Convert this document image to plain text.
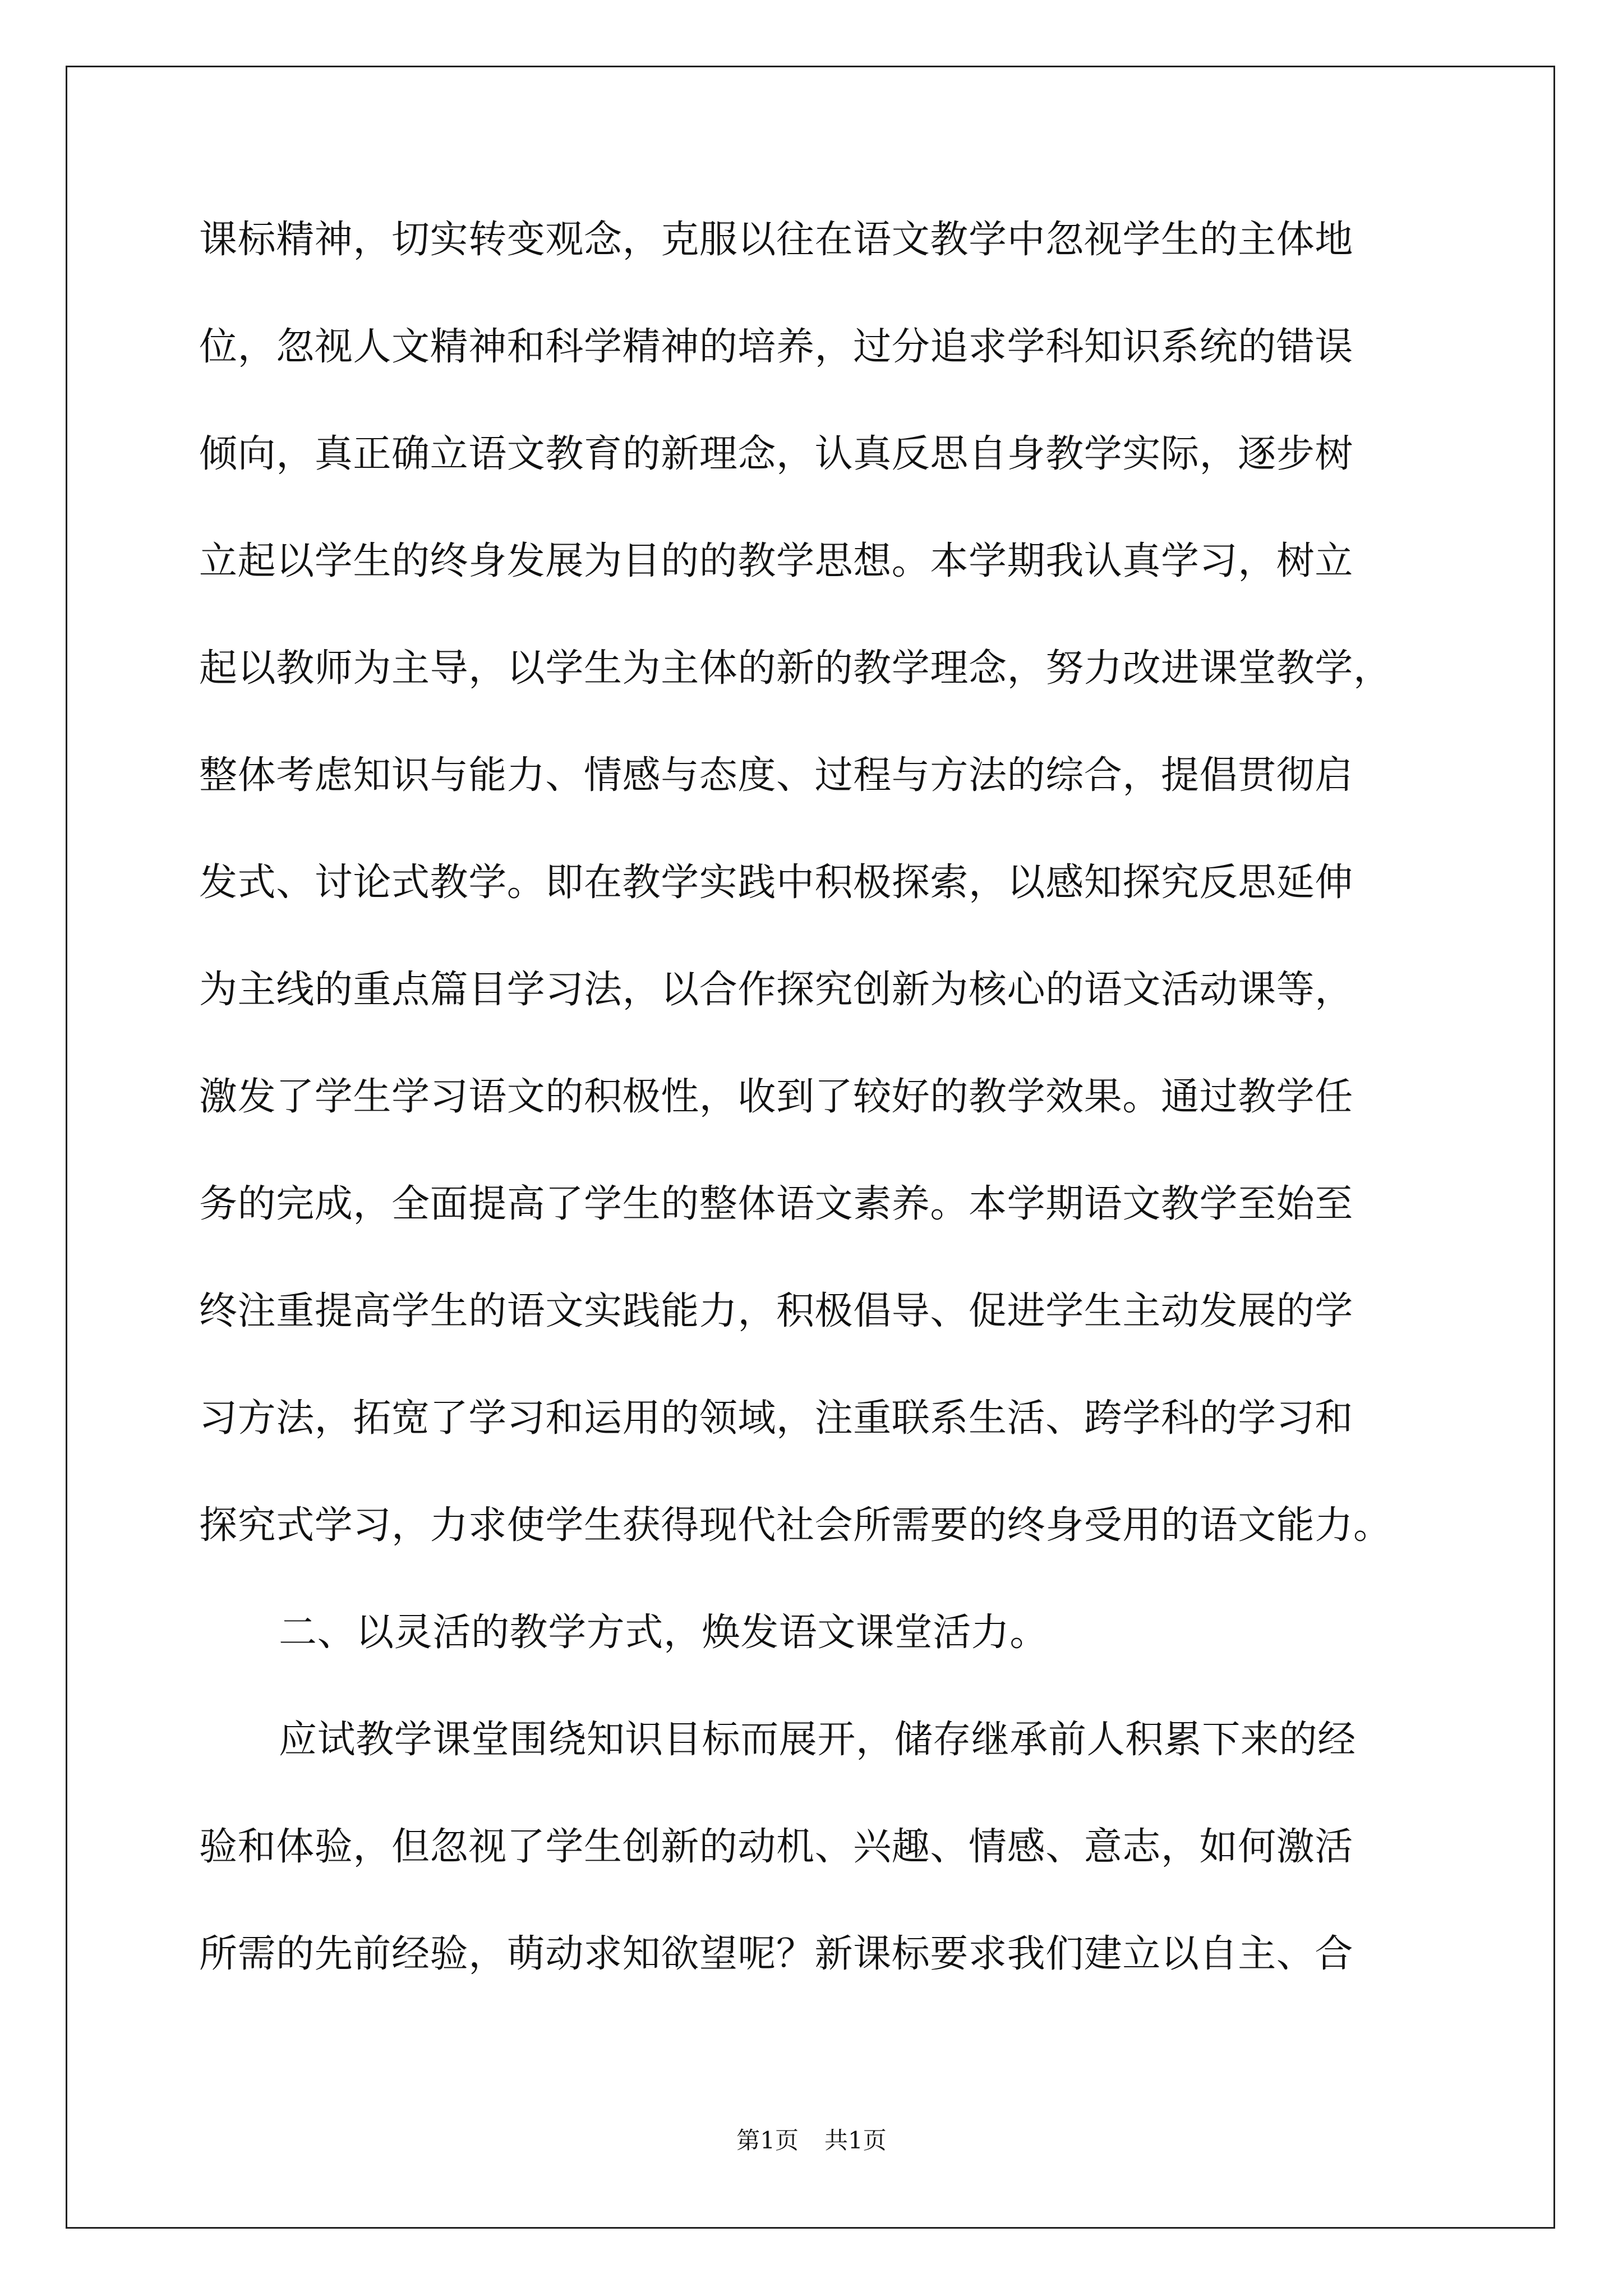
课标精神，切实转变观念，克服以往在语文教学中忽视学生的主体地

位，忽视人文精神和科学精神的培养，过分追求学科知识系统的错误

倾向，真正确立语文教育的新理念，认真反思自身教学实际，逐步树

立起以学生的终身发展为目的的教学思想。本学期我认真学习，树立

起以教师为主导，以学生为主体的新的教学理念，努力改进课堂教学，

整体考虑知识与能力、情感与态度、过程与方法的综合，提倡贯彻启

发式、讨论式教学。即在教学实践中积极探索，以感知探究反思延伸

为主线的重点篇目学习法，以合作探究创新为核心的语文活动课等，

激发了学生学习语文的积极性，收到了较好的教学效果。通过教学任

务的完成，全面提高了学生的整体语文素养。本学期语文教学至始至

终注重提高学生的语文实践能力，积极倡导、促进学生主动发展的学

习方法，拓宽了学习和运用的领域，注重联系生活、跨学科的学习和

探究式学习，力求使学生获得现代社会所需要的终身受用的语文能力。

二、以灵活的教学方式，焕发语文课堂活力。

应试教学课堂围绕知识目标而展开，储存继承前人积累下来的经

验和体验，但忽视了学生创新的动机、兴趣、情感、意志，如何激活

所需的先前经验，萌动求知欲望呢？新课标要求我们建立以自主、合

第1页 共1页
